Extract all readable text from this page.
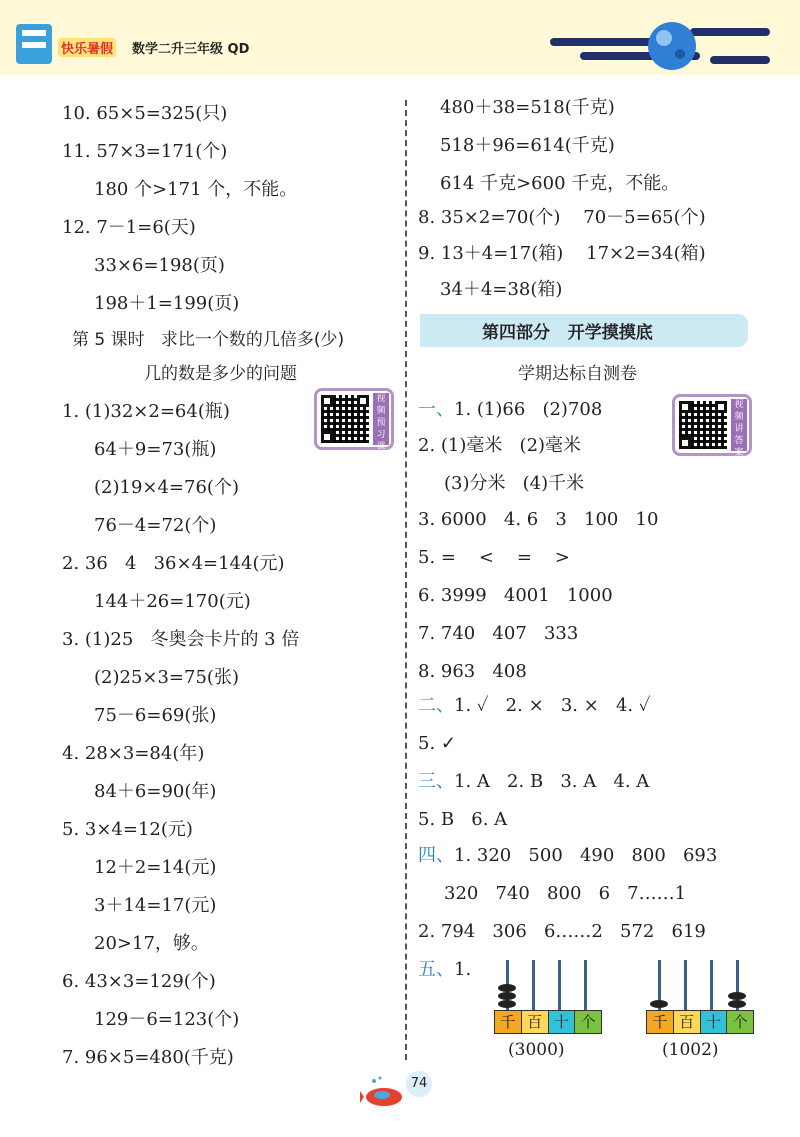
快乐暑假 数学二升三年级 QD
10. 65×5=325(只)
11. 57×3=171(个)
180 个>171 个，不能。
12. 7－1=6(天)
33×6=198(页)
198＋1=199(页)
第 5 课时   求比一个数的几倍多(少)
几的数是多少的问题
视频预习课
1. (1)32×2=64(瓶)
64＋9=73(瓶)
(2)19×4=76(个)
76－4=72(个)
2. 36   4   36×4=144(元)
144＋26=170(元)
3. (1)25   冬奥会卡片的 3 倍
(2)25×3=75(张)
75－6=69(张)
4. 28×3=84(年)
84＋6=90(年)
5. 3×4=12(元)
12＋2=14(元)
3＋14=17(元)
20>17，够。
6. 43×3=129(个)
129－6=123(个)
7. 96×5=480(千克)
480＋38=518(千克)
518＋96=614(千克)
614 千克>600 千克，不能。
8. 35×2=70(个)    70－5=65(个)
9. 13＋4=17(箱)    17×2=34(箱)
34＋4=38(箱)
第四部分   开学摸摸底
学期达标自测卷
视频讲答案
一、1. (1)66   (2)708
2. (1)毫米   (2)毫米
(3)分米   (4)千米
3. 6000   4. 6   3   100   10
5. =    <    =    >
6. 3999   4001   1000
7. 740   407   333
8. 963   408
二、1. ✓   2. ×   3. ×   4. ✓
5. ✓
三、1. A   2. B   3. A   4. A
5. B   6. A
四、1. 320   500   490   800   693
320   740   800   6   7……1
2. 794   306   6……2   572   619
五、1.
千 百 十 个
(3000)
千 百 十 个
(1002)
74
